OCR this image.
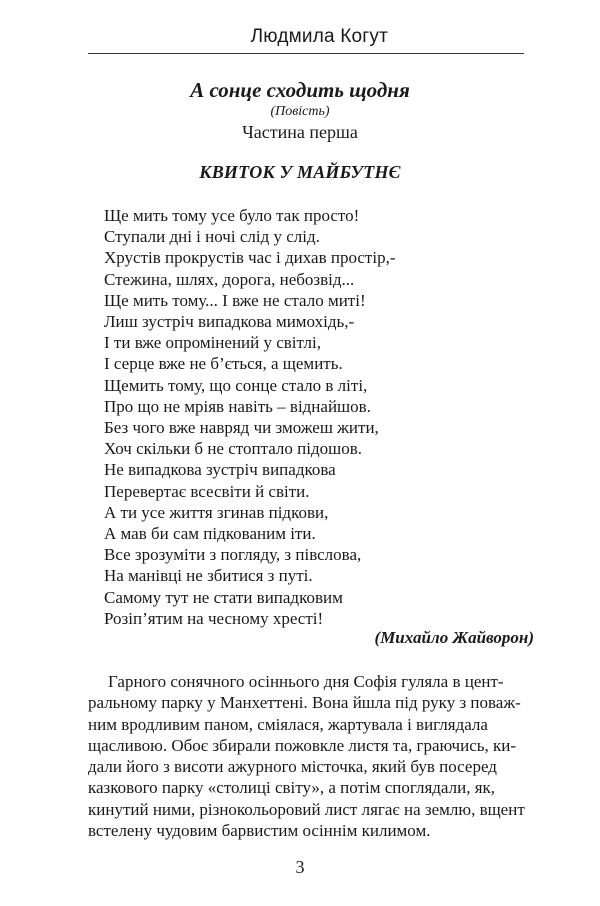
Людмила Когут
А сонце сходить щодня
(Повість)
Частина перша
КВИТОК У МАЙБУТНЄ
Ще мить тому усе було так просто!
Ступали дні і ночі слід у слід.
Хрустів прокрустів час і дихав простір,-
Стежина, шлях, дорога, небозвід...
Ще мить тому... І вже не стало миті!
Лиш зустріч випадкова мимохідь,-
І ти вже опромінений у світлі,
І серце вже не б’ється, а щемить.
Щемить тому, що сонце стало в літі,
Про що не мріяв навіть – віднайшов.
Без чого вже навряд чи зможеш жити,
Хоч скільки б не стоптало підошов.
Не випадкова зустріч випадкова
Перевертає всесвіти й світи.
А ти усе життя згинав підкови,
А мав би сам підкованим іти.
Все зрозуміти з погляду, з півслова,
На манівці не збитися з путі.
Самому тут не стати випадковим
Розіп’ятим на чесному хресті!
(Михайло Жайворон)
Гарного сонячного осіннього дня Софія гуляла в цент-
ральному парку у Манхеттені. Вона йшла під руку з поваж-
ним вродливим паном, сміялася, жартувала і виглядала
щасливою. Обоє збирали пожовкле листя та, граючись, ки-
дали його з висоти ажурного місточка, який був посеред
казкового парку «столиці світу», а потім споглядали, як,
кинутий ними, різнокольоровий лист лягає на землю, вщент
встелену чудовим барвистим осіннім килимом.
3
